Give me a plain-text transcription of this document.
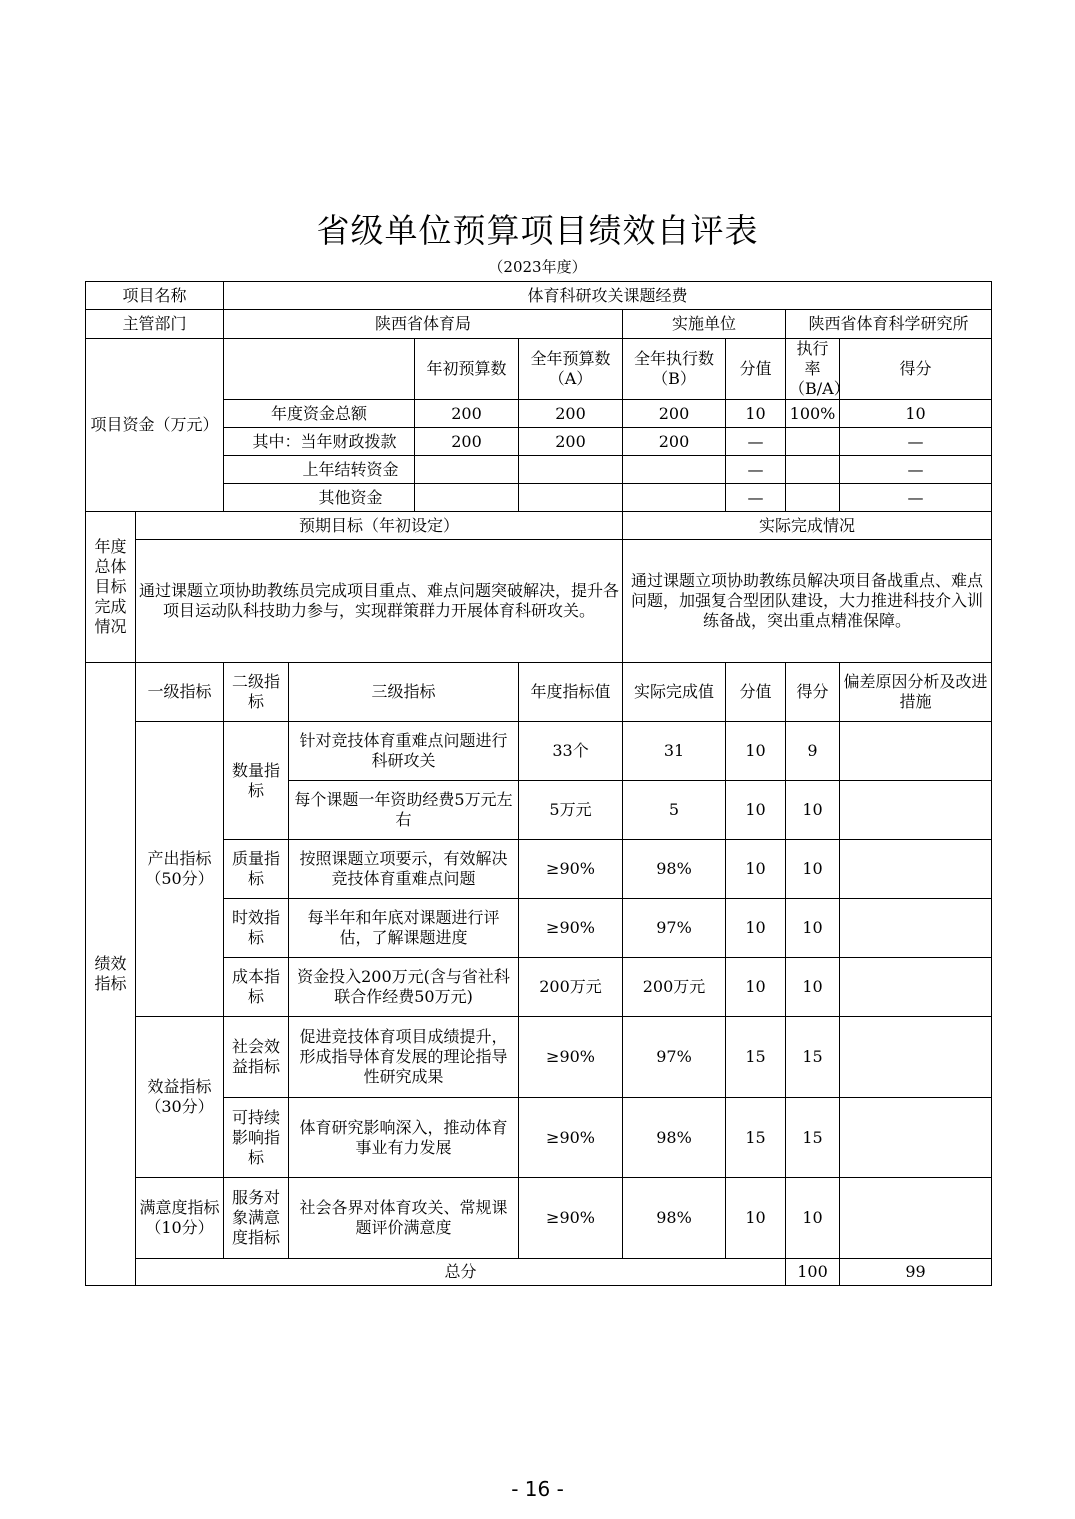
省级单位预算项目绩效自评表
（2023年度）
项目名称		体育科研攻关课题经费								
主管部门		陕西省体育局				实施单位		陕西省体育科学研究所		
项目资金（万元）				年初预算数	全年预算数（A）	全年执行数（B）	分值	执行率（B/A）	得分	
		年度资金总额		200	200	200	10	100%	10	
		其中：当年财政拨款		200	200	200	—		—	
		上年结转资金					—		—	
		其他资金					—		—	
年度总体目标完成情况	预期目标（年初设定）					实际完成情况				
	通过课题立项协助教练员完成项目重点、难点问题突破解决，提升各项目运动队科技助力参与，实现群策群力开展体育科研攻关。					通过课题立项协助教练员解决项目备战重点、难点问题，加强复合型团队建设，大力推进科技介入训练备战，突出重点精准保障。				
绩效指标	一级指标	二级指标	三级指标		年度指标值	实际完成值	分值	得分	偏差原因分析及改进措施	
	产出指标（50分）	数量指标	针对竞技体育重难点问题进行科研攻关		33个	31	10	9		
			每个课题一年资助经费5万元左右		5万元	5	10	10		
		质量指标	按照课题立项要示，有效解决竞技体育重难点问题		≥90%	98%	10	10		
		时效指标	每半年和年底对课题进行评估，了解课题进度		≥90%	97%	10	10		
		成本指标	资金投入200万元(含与省社科联合作经费50万元)		200万元	200万元	10	10		
	效益指标（30分）	社会效益指标	促进竞技体育项目成绩提升，形成指导体育发展的理论指导性研究成果		≥90%	97%	15	15		
		可持续影响指标	体育研究影响深入，推动体育事业有力发展		≥90%	98%	15	15		
	满意度指标（10分）	服务对象满意度指标	社会各界对体育攻关、常规课题评价满意度		≥90%	98%	10	10		
	总分							100	99	
- 16 -
